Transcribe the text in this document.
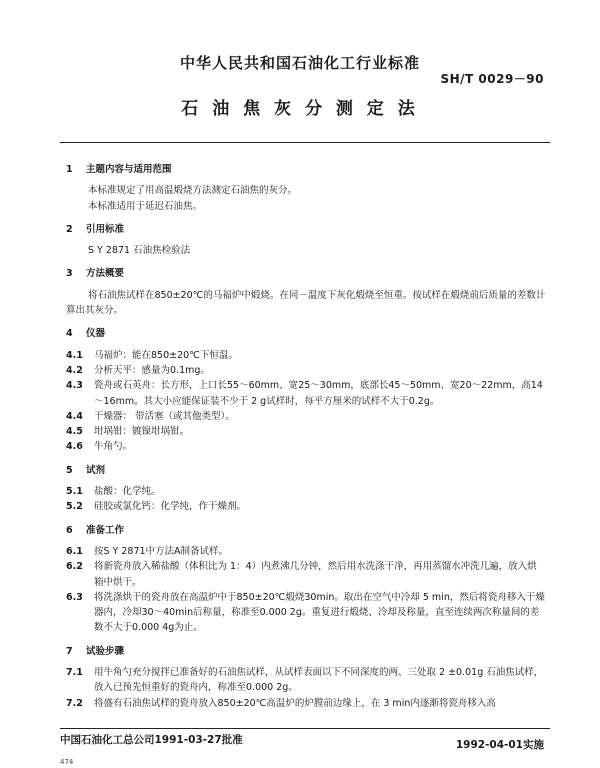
中华人民共和国石油化工行业标准
SH/T 0029－90
石 油 焦 灰 分 测 定 法

1 主题内容与适用范围

本标准规定了用高温煅烧方法测定石油焦的灰分。

本标准适用于延迟石油焦。

2 引用标准

S Y 2871 石油焦检验法

3 方法概要

将石油焦试样在850±20℃的马福炉中煅烧。在同－温度下灰化煅烧至恒重。按试样在煅烧前后质量的差数计算出其灰分。

4 仪器

4.1	马福炉：能在850±20℃下恒温。
4.2	分析天平：感量为0.1mg。
4.3	瓷舟或石英舟：长方形，上口长55～60mm、宽25～30mm，底部长45～50mm、宽20～22mm，高14～16mm。其大小应能保证装不少于 2 g试样时，每平方厘米的试样不大于0.2g。
4.4	干燥器： 带活塞（或其他类型）。
4.5	坩埚钳：镀镍坩埚钳。
4.6	牛角勺。

5 试剂

5.1	盐酸：化学纯。
5.2	硅胶或氯化钙：化学纯，作干燥剂。

6 准备工作

6.1	按S Y 2871中方法A制备试样。
6.2	将新瓷舟放入稀盐酸（体积比为 1：4）内煮沸几分钟，然后用水洗涤干净，再用蒸馏水冲洗几遍，放入烘箱中烘干。
6.3	将洗涤烘干的瓷舟放在高温炉中于850±20℃煅烧30min。取出在空气中冷却 5 min，然后将瓷舟移入干燥器内，冷却30～40min后称量，称准至0.000 2g。重复进行煅烧、冷却及称量，直至连续两次称量间的差数不大于0.000 4g为止。

7 试验步骤

7.1	用牛角勺充分搅拌已准备好的石油焦试样，从试样表面以下不同深度的两、三处取 2 ±0.01g 石油焦试样，放入已预先恒重好的瓷舟内，称准至0.000 2g。
7.2	将盛有石油焦试样的瓷舟放入850±20℃高温炉的炉膛前边缘上，在 3 min内逐渐将瓷舟移入高
中国石油化工总公司1991-03-27批准	1992-04-01实施
474
